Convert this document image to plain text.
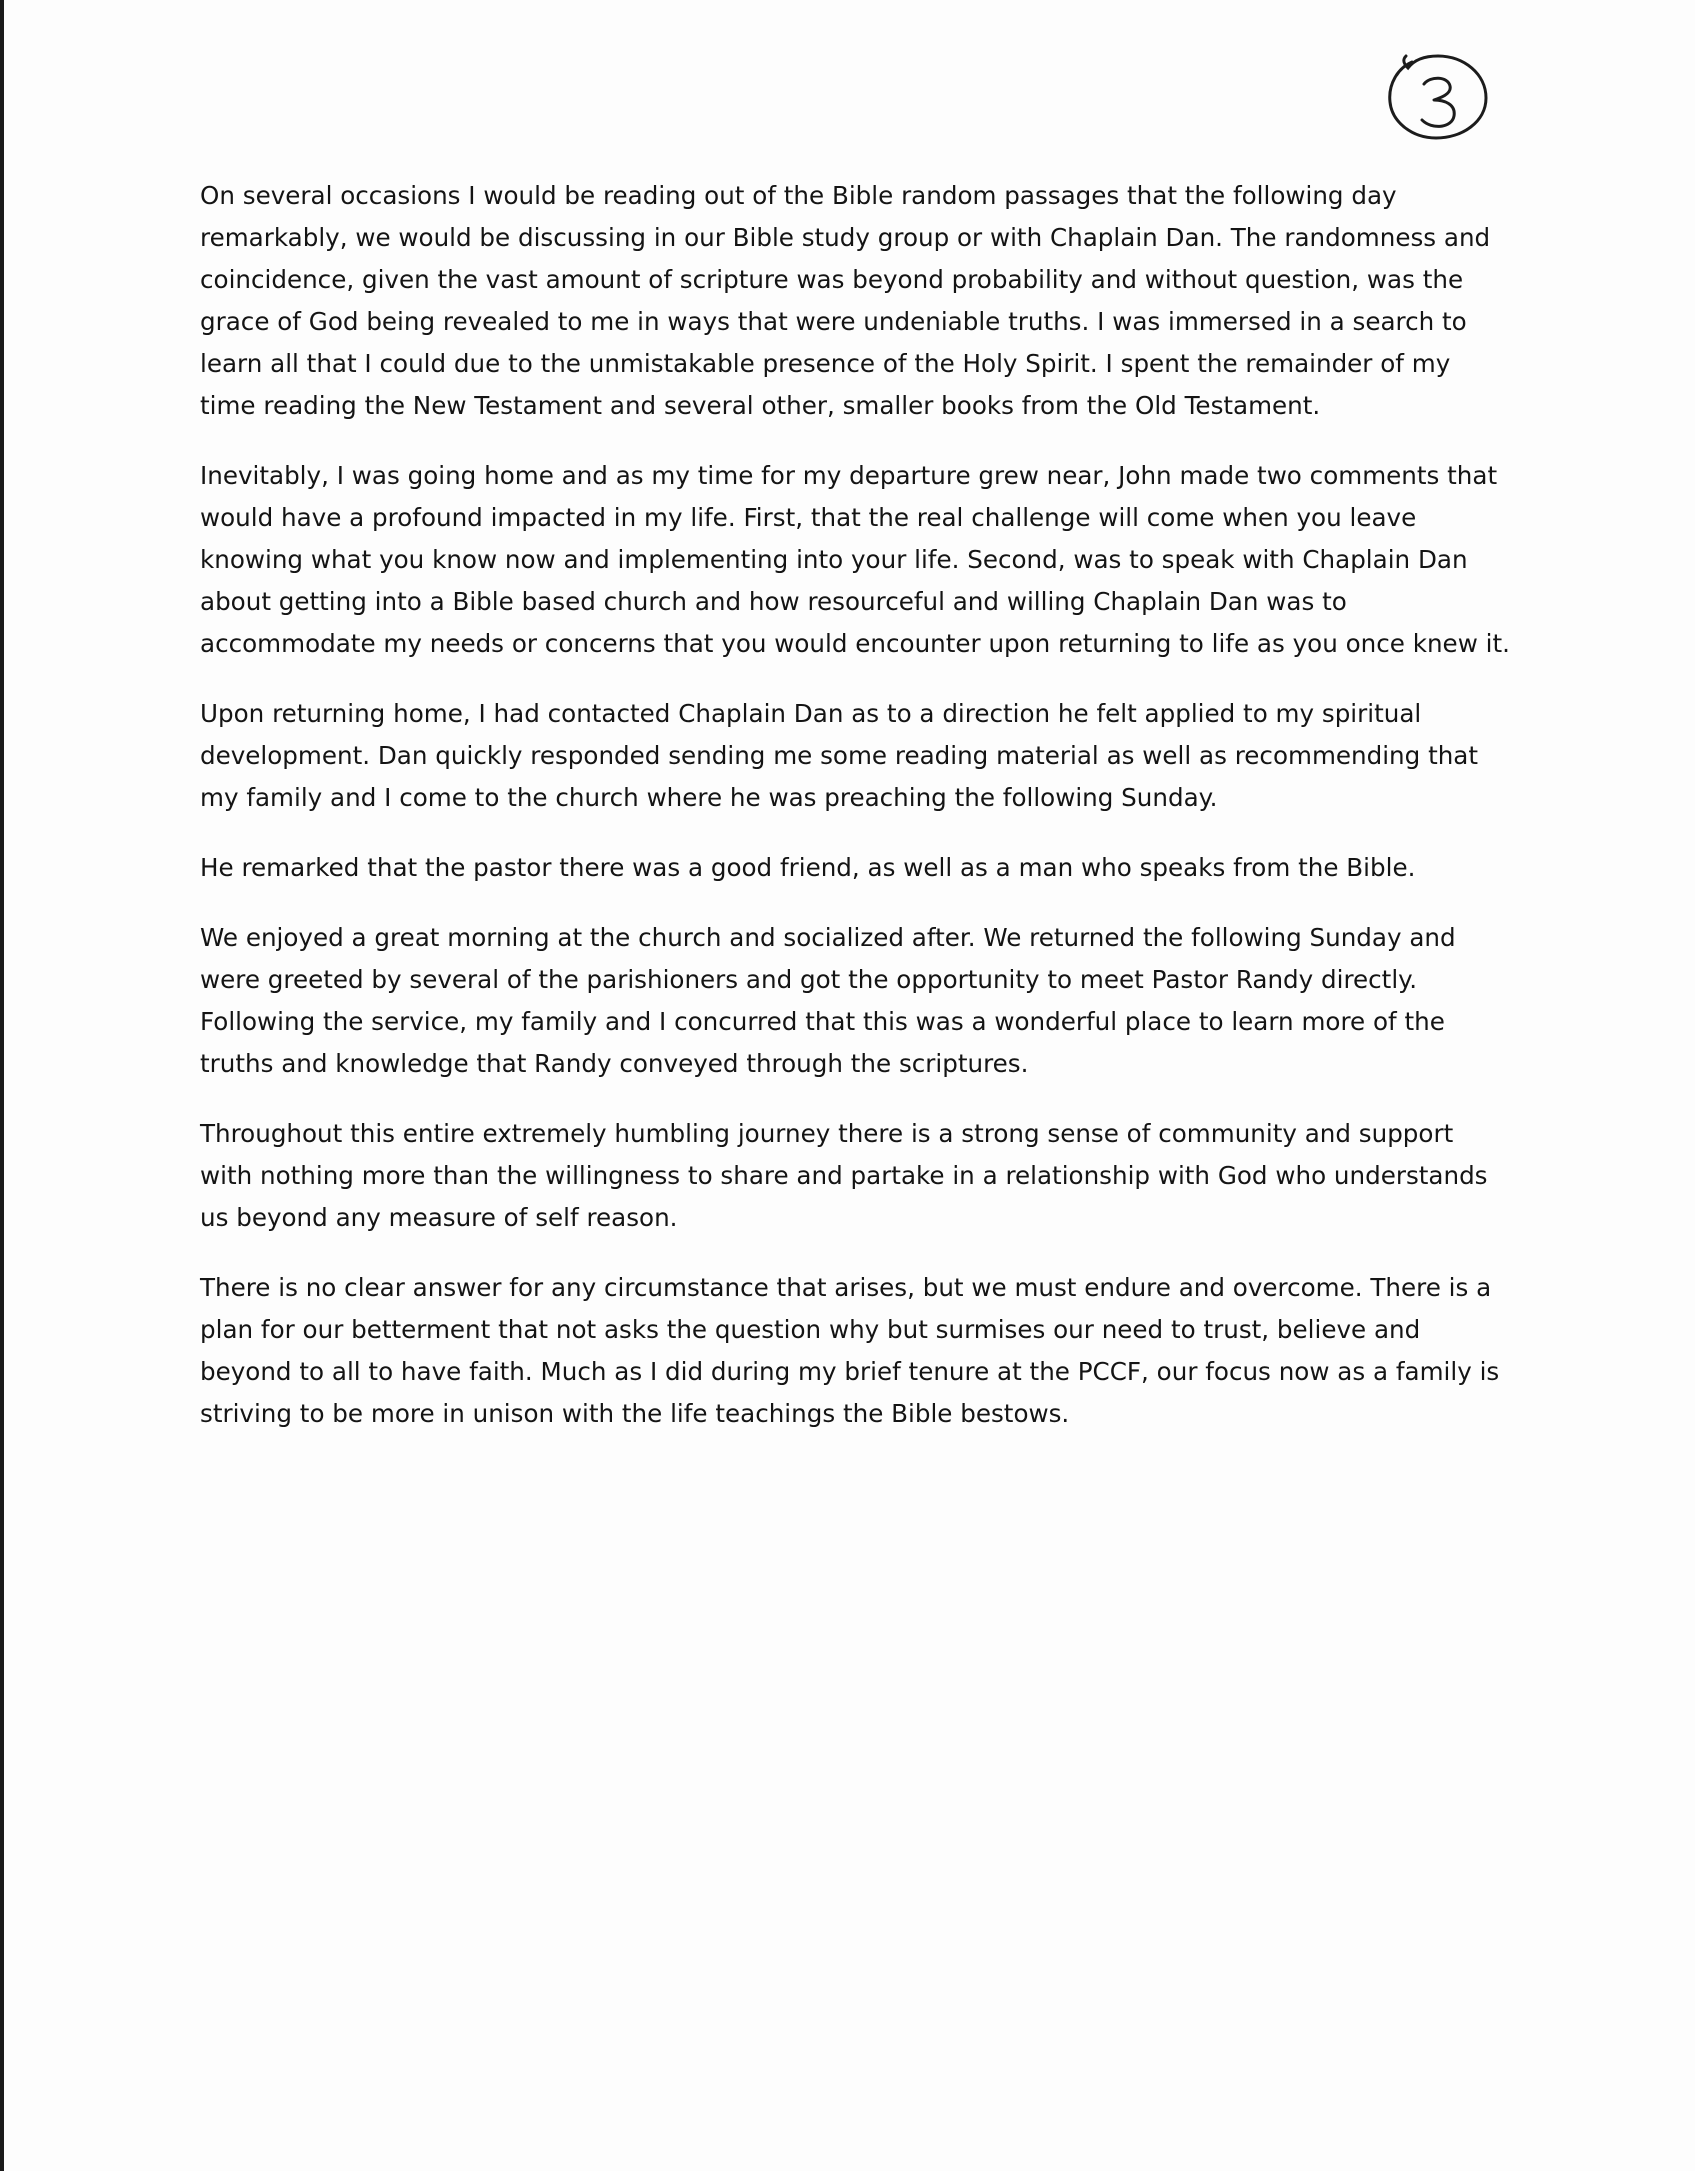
On several occasions I would be reading out of the Bible random passages that the following day remarkably, we would be discussing in our Bible study group or with Chaplain Dan. The randomness and coincidence, given the vast amount of scripture was beyond probability and without question, was the grace of God being revealed to me in ways that were undeniable truths. I was immersed in a search to learn all that I could due to the unmistakable presence of the Holy Spirit. I spent the remainder of my time reading the New Testament and several other, smaller books from the Old Testament.

Inevitably, I was going home and as my time for my departure grew near, John made two comments that would have a profound impacted in my life. First, that the real challenge will come when you leave knowing what you know now and implementing into your life. Second, was to speak with Chaplain Dan about getting into a Bible based church and how resourceful and willing Chaplain Dan was to accommodate my needs or concerns that you would encounter upon returning to life as you once knew it.

Upon returning home, I had contacted Chaplain Dan as to a direction he felt applied to my spiritual development. Dan quickly responded sending me some reading material as well as recommending that my family and I come to the church where he was preaching the following Sunday.

He remarked that the pastor there was a good friend, as well as a man who speaks from the Bible.

We enjoyed a great morning at the church and socialized after. We returned the following Sunday and were greeted by several of the parishioners and got the opportunity to meet Pastor Randy directly. Following the service, my family and I concurred that this was a wonderful place to learn more of the truths and knowledge that Randy conveyed through the scriptures.

Throughout this entire extremely humbling journey there is a strong sense of community and support with nothing more than the willingness to share and partake in a relationship with God who understands us beyond any measure of self reason.

There is no clear answer for any circumstance that arises, but we must endure and overcome. There is a plan for our betterment that not asks the question why but surmises our need to trust, believe and beyond to all to have faith. Much as I did during my brief tenure at the PCCF, our focus now as a family is striving to be more in unison with the life teachings the Bible bestows.
